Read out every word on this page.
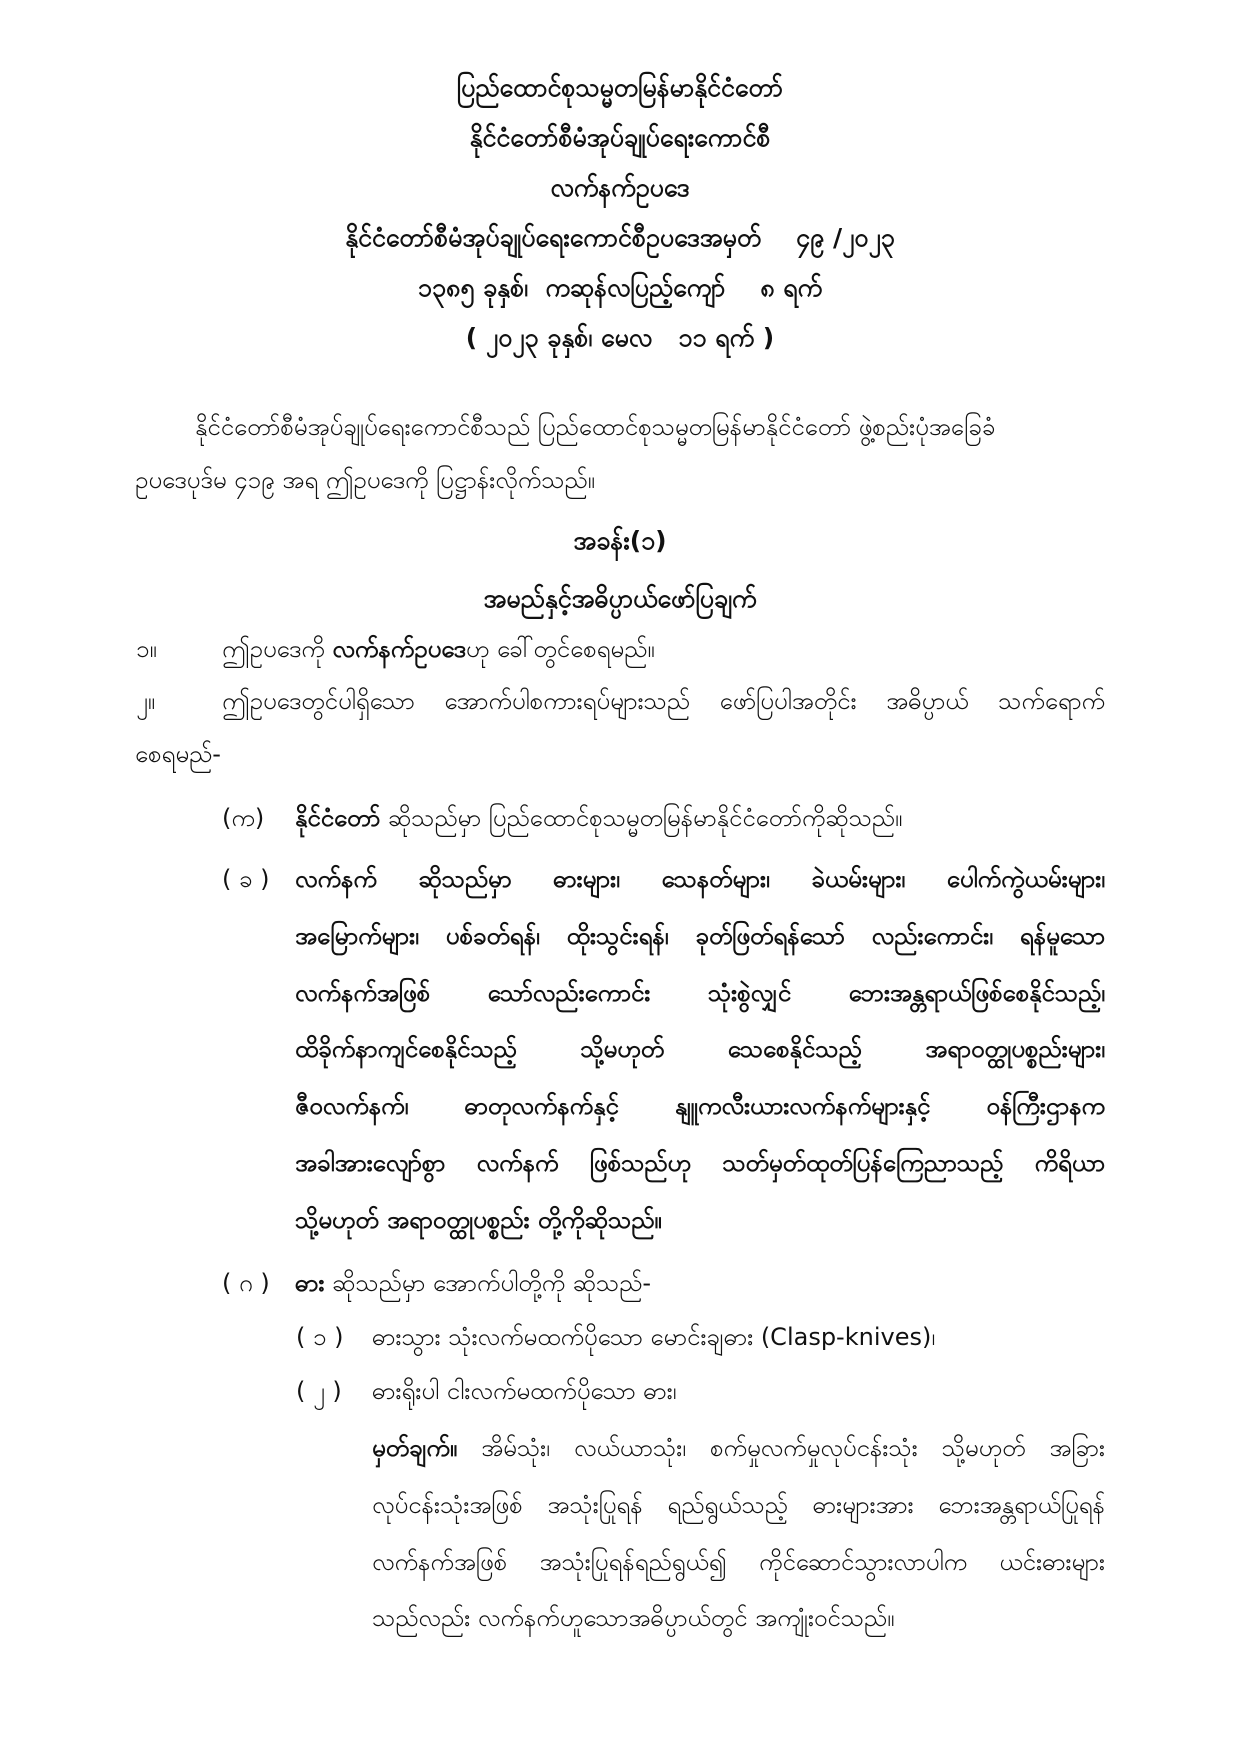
ပြည်ထောင်စုသမ္မတမြန်မာနိုင်ငံတော်
နိုင်ငံတော်စီမံအုပ်ချုပ်ရေးကောင်စီ
လက်နက်ဥပဒေ
နိုင်ငံတော်စီမံအုပ်ချုပ်ရေးကောင်စီဥပဒေအမှတ် ၄၉ /၂၀၂၃
၁၃၈၅ ခုနှစ်၊ ကဆုန်လပြည့်ကျော် ၈ ရက်
( ၂၀၂၃ ခုနှစ်၊ မေလ ၁၁ ရက် )
နိုင်ငံတော်စီမံအုပ်ချုပ်ရေးကောင်စီသည် ပြည်ထောင်စုသမ္မတမြန်မာနိုင်ငံတော် ဖွဲ့စည်းပုံအခြေခံ
ဥပဒေပုဒ်မ ၄၁၉ အရ ဤဥပဒေကို ပြဋ္ဌာန်းလိုက်သည်။
အခန်း(၁)
အမည်နှင့်အဓိပ္ပာယ်ဖော်ပြချက်
၁။	ဤဥပဒေကို လက်နက်ဥပဒေဟု ခေါ်တွင်စေရမည်။
၂။	ဤဥပဒေတွင်ပါရှိသော အောက်ပါစကားရပ်များသည် ဖော်ပြပါအတိုင်း အဓိပ္ပာယ် သက်ရောက်
စေရမည်-
(က) နိုင်ငံတော် ဆိုသည်မှာ ပြည်ထောင်စုသမ္မတမြန်မာနိုင်ငံတော်ကိုဆိုသည်။
( ခ ) လက်နက် ဆိုသည်မှာ ဓားများ၊ သေနတ်များ၊ ခဲယမ်းများ၊ ပေါက်ကွဲယမ်းများ၊
အမြောက်များ၊ ပစ်ခတ်ရန်၊ ထိုးသွင်းရန်၊ ခုတ်ဖြတ်ရန်သော် လည်းကောင်း၊ ရန်မူသော
လက်နက်အဖြစ် သော်လည်းကောင်း သုံးစွဲလျှင် ဘေးအန္တရာယ်ဖြစ်စေနိုင်သည့်၊
ထိခိုက်နာကျင်စေနိုင်သည့်	သို့မဟုတ်	သေစေနိုင်သည့်	အရာဝတ္ထုပစ္စည်းများ၊
ဇီဝလက်နက်၊ ဓာတုလက်နက်နှင့် နျူကလီးယားလက်နက်များနှင့် ဝန်ကြီးဌာနက
အခါအားလျော်စွာ လက်နက် ဖြစ်သည်ဟု သတ်မှတ်ထုတ်ပြန်ကြေညာသည့် ကိရိယာ
သို့မဟုတ် အရာဝတ္ထုပစ္စည်း တို့ကိုဆိုသည်။
( ဂ ) ဓား ဆိုသည်မှာ အောက်ပါတို့ကို ဆိုသည်-
( ၁ ) ဓားသွား သုံးလက်မထက်ပိုသော မောင်းချဓား (Clasp-knives)၊
( ၂ ) ဓားရိုးပါ ငါးလက်မထက်ပိုသော ဓား၊
မှတ်ချက်။ အိမ်သုံး၊ လယ်ယာသုံး၊ စက်မှုလက်မှုလုပ်ငန်းသုံး သို့မဟုတ် အခြား
လုပ်ငန်းသုံးအဖြစ် အသုံးပြုရန် ရည်ရွယ်သည့် ဓားများအား ဘေးအန္တရာယ်ပြုရန်
လက်နက်အဖြစ် အသုံးပြုရန်ရည်ရွယ်၍ ကိုင်ဆောင်သွားလာပါက ယင်းဓားများ
သည်လည်း လက်နက်ဟူသောအဓိပ္ပာယ်တွင် အကျုံးဝင်သည်။
